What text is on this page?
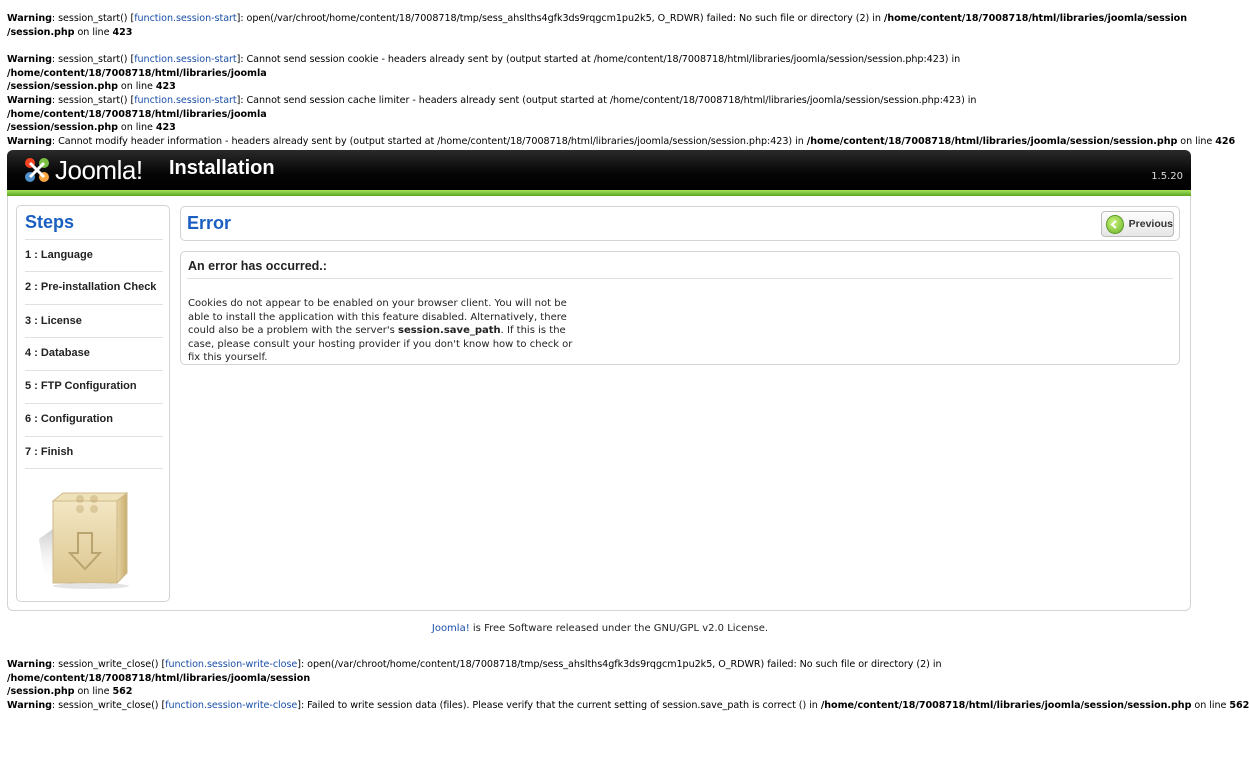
Warning: session_start() [function.session-start]: open(/var/chroot/home/content/18/7008718/tmp/sess_ahslths4gfk3ds9rqgcm1pu2k5, O_RDWR) failed: No such file or directory (2) in /home/content/18/7008718/html/libraries/joomla/session
/session.php on line 423
Warning: session_start() [function.session-start]: Cannot send session cookie - headers already sent by (output started at /home/content/18/7008718/html/libraries/joomla/session/session.php:423) in /home/content/18/7008718/html/libraries/joomla
/session/session.php on line 423
Warning: session_start() [function.session-start]: Cannot send session cache limiter - headers already sent (output started at /home/content/18/7008718/html/libraries/joomla/session/session.php:423) in /home/content/18/7008718/html/libraries/joomla
/session/session.php on line 423
Warning: Cannot modify header information - headers already sent by (output started at /home/content/18/7008718/html/libraries/joomla/session/session.php:423) in /home/content/18/7008718/html/libraries/joomla/session/session.php on line 426
Joomla! Installation	1.5.20
Steps
1 : Language
2 : Pre-installation Check
3 : License
4 : Database
5 : FTP Configuration
6 : Configuration
7 : Finish
Error	Previous
An error has occurred.:
Cookies do not appear to be enabled on your browser client. You will not be able to install the application with this feature disabled. Alternatively, there could also be a problem with the server's session.save_path. If this is the case, please consult your hosting provider if you don't know how to check or fix this yourself.
Joomla! is Free Software released under the GNU/GPL v2.0 License.
Warning: session_write_close() [function.session-write-close]: open(/var/chroot/home/content/18/7008718/tmp/sess_ahslths4gfk3ds9rqgcm1pu2k5, O_RDWR) failed: No such file or directory (2) in /home/content/18/7008718/html/libraries/joomla/session
/session.php on line 562
Warning: session_write_close() [function.session-write-close]: Failed to write session data (files). Please verify that the current setting of session.save_path is correct () in /home/content/18/7008718/html/libraries/joomla/session/session.php on line 562
